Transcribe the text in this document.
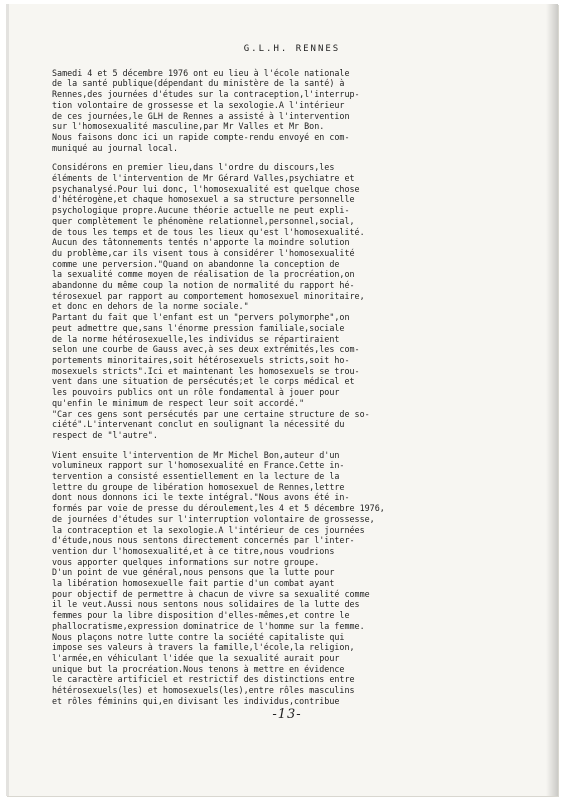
G.L.H. RENNES
Samedi 4 et 5 décembre 1976 ont eu lieu à l'école nationale
de la santé publique(dépendant du ministère de la santé) à
Rennes,des journées d'études sur la contraception,l'interrup-
tion volontaire de grossesse et la sexologie.A l'intérieur
de ces journées,le GLH de Rennes a assisté à l'intervention
sur l'homosexualité masculine,par Mr Valles et Mr Bon.
Nous faisons donc ici un rapide compte-rendu envoyé en com-
muniqué au journal local.
Considérons en premier lieu,dans l'ordre du discours,les
éléments de l'intervention de Mr Gérard Valles,psychiatre et
psychanalysé.Pour lui donc, l'homosexualité est quelque chose
d'hétérogène,et chaque homosexuel a sa structure personnelle
psychologique propre.Aucune théorie actuelle ne peut expli-
quer complètement le phénomène relationnel,personnel,social,
de tous les temps et de tous les lieux qu'est l'homosexualité.
Aucun des tâtonnements tentés n'apporte la moindre solution
du problème,car ils visent tous à considérer l'homosexualité
comme une perversion."Quand on abandonne la conception de
la sexualité comme moyen de réalisation de la procréation,on
abandonne du même coup la notion de normalité du rapport hé-
térosexuel par rapport au comportement homosexuel minoritaire,
et donc en dehors de la norme sociale."
Partant du fait que l'enfant est un "pervers polymorphe",on
peut admettre que,sans l'énorme pression familiale,sociale
de la norme hétérosexuelle,les individus se répartiraient
selon une courbe de Gauss avec,à ses deux extrémités,les com-
portements minoritaires,soit hétérosexuels stricts,soit ho-
mosexuels stricts".Ici et maintenant les homosexuels se trou-
vent dans une situation de persécutés;et le corps médical et
les pouvoirs publics ont un rôle fondamental à jouer pour
qu'enfin le minimum de respect leur soit accordé."
"Car ces gens sont persécutés par une certaine structure de so-
ciété".L'intervenant conclut en soulignant la nécessité du
respect de "l'autre".
Vient ensuite l'intervention de Mr Michel Bon,auteur d'un
volumineux rapport sur l'homosexualité en France.Cette in-
tervention a consisté essentiellement en la lecture de la
lettre du groupe de libération homosexuel de Rennes,lettre
dont nous donnons ici le texte intégral."Nous avons été in-
formés par voie de presse du déroulement,les 4 et 5 décembre 1976,
de journées d'études sur l'interruption volontaire de grossesse,
la contraception et la sexologie.A l'intérieur de ces journées
d'étude,nous nous sentons directement concernés par l'inter-
vention dur l'homosexualité,et à ce titre,nous voudrions
vous apporter quelques informations sur notre groupe.
D'un point de vue général,nous pensons que la lutte pour
la libération homosexuelle fait partie d'un combat ayant
pour objectif de permettre à chacun de vivre sa sexualité comme
il le veut.Aussi nous sentons nous solidaires de la lutte des
femmes pour la libre disposition d'elles-mêmes,et contre le
phallocratisme,expression dominatrice de l'homme sur la femme.
Nous plaçons notre lutte contre la société capitaliste qui
impose ses valeurs à travers la famille,l'école,la religion,
l'armée,en véhiculant l'idée que la sexualité aurait pour
unique but la procréation.Nous tenons à mettre en évidence
le caractère artificiel et restrictif des distinctions entre
hétérosexuels(les) et homosexuels(les),entre rôles masculins
et rôles féminins qui,en divisant les individus,contribue
-13-
